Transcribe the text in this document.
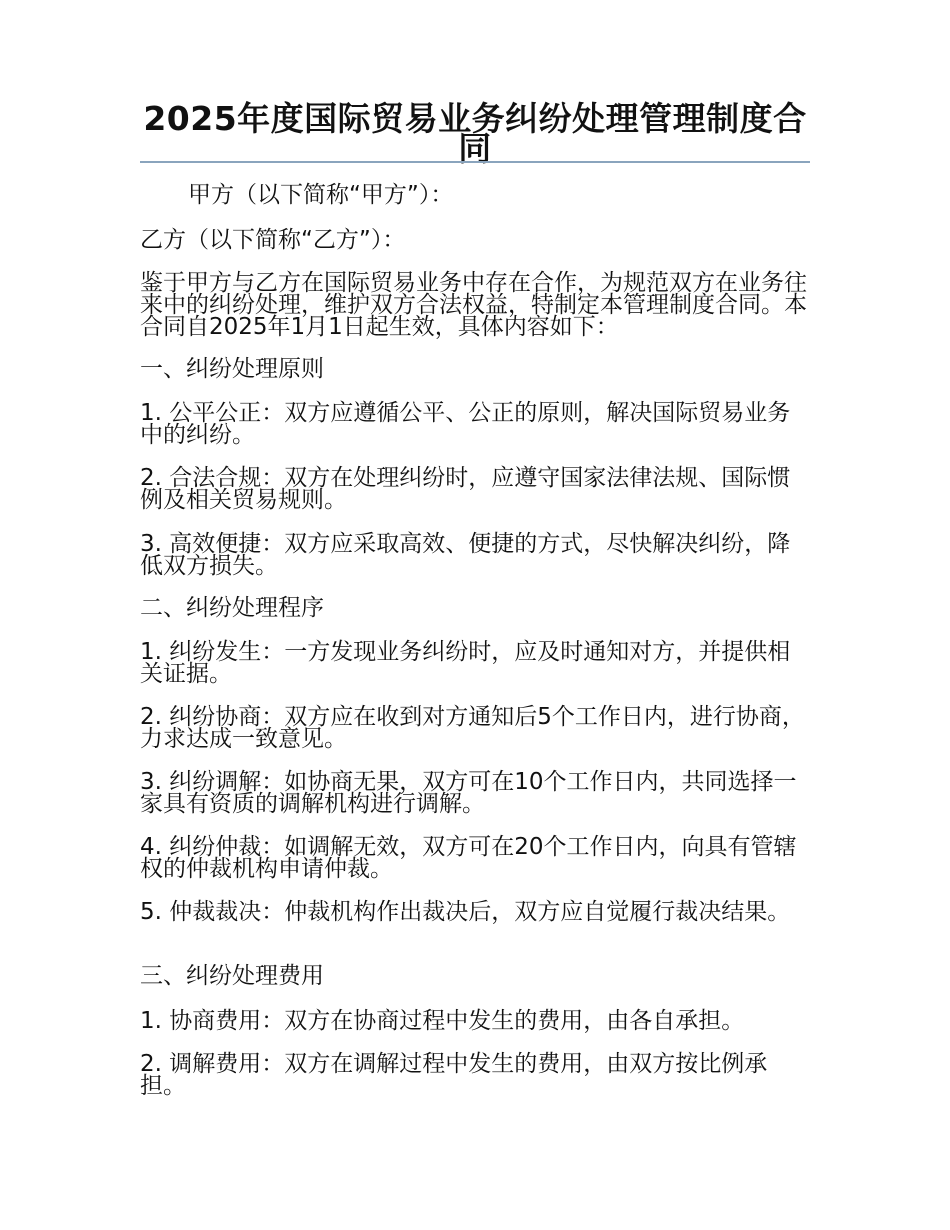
2025年度国际贸易业务纠纷处理管理制度合同

甲方（以下简称“甲方”）：

乙方（以下简称“乙方”）：

鉴于甲方与乙方在国际贸易业务中存在合作，为规范双方在业务往来中的纠纷处理，维护双方合法权益，特制定本管理制度合同。本合同自2025年1月1日起生效，具体内容如下：

一、纠纷处理原则

1. 公平公正：双方应遵循公平、公正的原则，解决国际贸易业务中的纠纷。

2. 合法合规：双方在处理纠纷时，应遵守国家法律法规、国际惯例及相关贸易规则。

3. 高效便捷：双方应采取高效、便捷的方式，尽快解决纠纷，降低双方损失。

二、纠纷处理程序

1. 纠纷发生：一方发现业务纠纷时，应及时通知对方，并提供相关证据。

2. 纠纷协商：双方应在收到对方通知后5个工作日内，进行协商，力求达成一致意见。

3. 纠纷调解：如协商无果，双方可在10个工作日内，共同选择一家具有资质的调解机构进行调解。

4. 纠纷仲裁：如调解无效，双方可在20个工作日内，向具有管辖权的仲裁机构申请仲裁。

5. 仲裁裁决：仲裁机构作出裁决后，双方应自觉履行裁决结果。

三、纠纷处理费用

1. 协商费用：双方在协商过程中发生的费用，由各自承担。

2. 调解费用：双方在调解过程中发生的费用，由双方按比例承担。
